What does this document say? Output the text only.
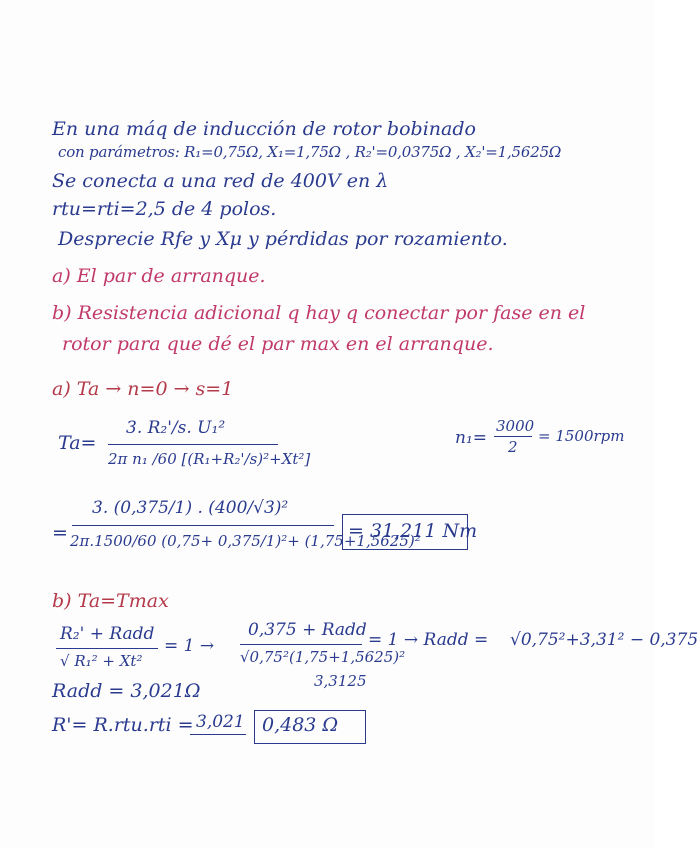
En una máq de inducción de rotor bobinado
con parámetros: R₁=0,75Ω, X₁=1,75Ω , R₂'=0,0375Ω , X₂'=1,5625Ω
Se conecta a una red de 400V en λ
rtu=rti=2,5 de 4 polos.
Desprecie Rfe y Xμ y pérdidas por rozamiento.
a) El par de arranque.
b) Resistencia adicional q hay q conectar por fase en el
rotor para que dé el par max en el arranque.
a) Ta → n=0 → s=1
Ta=
3. R₂'/s. U₁²
2π n₁ /60 [(R₁+R₂'/s)²+Xt²]
n₁=
3000
2
= 1500rpm
=
3. (0,375/1) . (400/√3)²
2π.1500/60 (0,75+ 0,375/1)²+ (1,75+1,5625)²
= 31,211 Nm
b) Ta=Tmax
R₂' + Radd
√ R₁² + Xt²
= 1 →
0,375 + Radd
√0,75²(1,75+1,5625)²
3,3125
= 1 → Radd = √0,75²+3,31² − 0,375
Radd = 3,021Ω
R'= R.rtu.rti = 3,021 0,483 Ω
